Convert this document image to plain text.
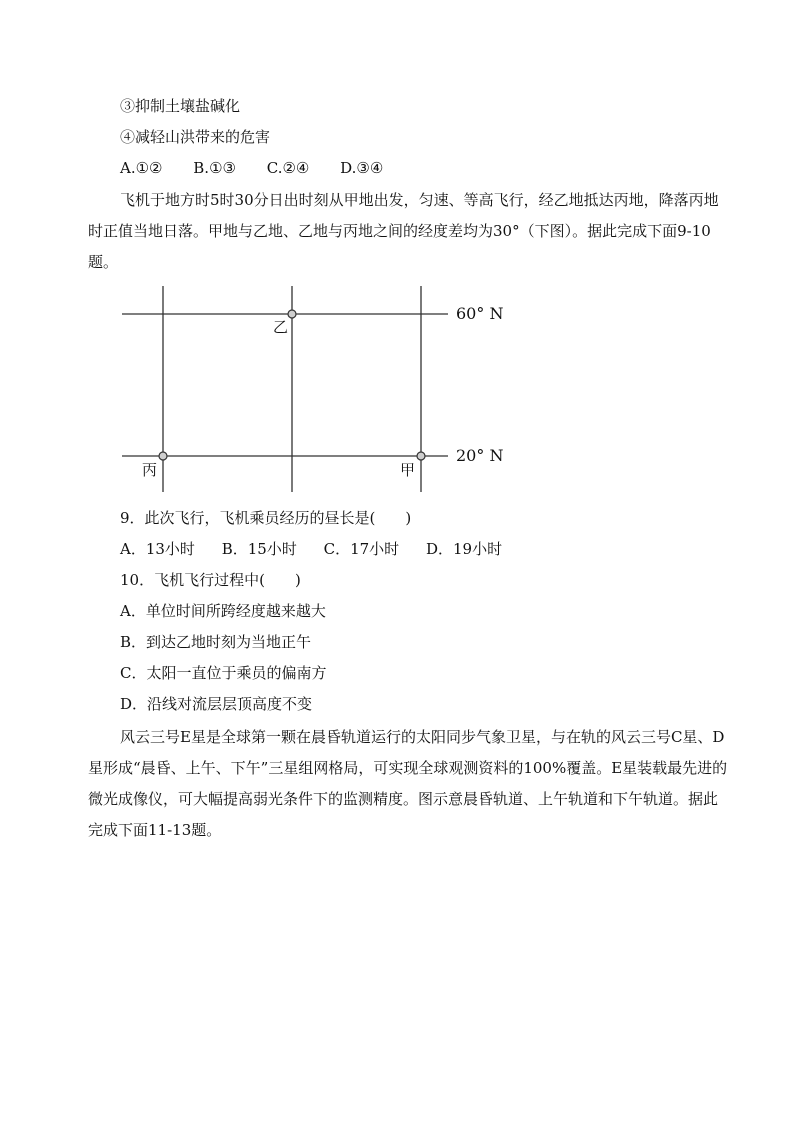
③抑制土壤盐碱化
④减轻山洪带来的危害
A.①② B.①③ C.②④ D.③④
飞机于地方时5时30分日出时刻从甲地出发，匀速、等高飞行，经乙地抵达丙地，降落丙地时正值当地日落。甲地与乙地、乙地与丙地之间的经度差均为30°（下图）。据此完成下面9-10题。
60° N
20° N
乙
丙	甲
9．此次飞行，飞机乘员经历的昼长是(　　)
A．13小时 B．15小时 C．17小时 D．19小时
10．飞机飞行过程中(　　)
A．单位时间所跨经度越来越大
B．到达乙地时刻为当地正午
C．太阳一直位于乘员的偏南方
D．沿线对流层层顶高度不变
风云三号E星是全球第一颗在晨昏轨道运行的太阳同步气象卫星，与在轨的风云三号C星、D星形成“晨昏、上午、下午”三星组网格局，可实现全球观测资料的100%覆盖。E星装载最先进的微光成像仪，可大幅提高弱光条件下的监测精度。图示意晨昏轨道、上午轨道和下午轨道。据此完成下面11-13题。
